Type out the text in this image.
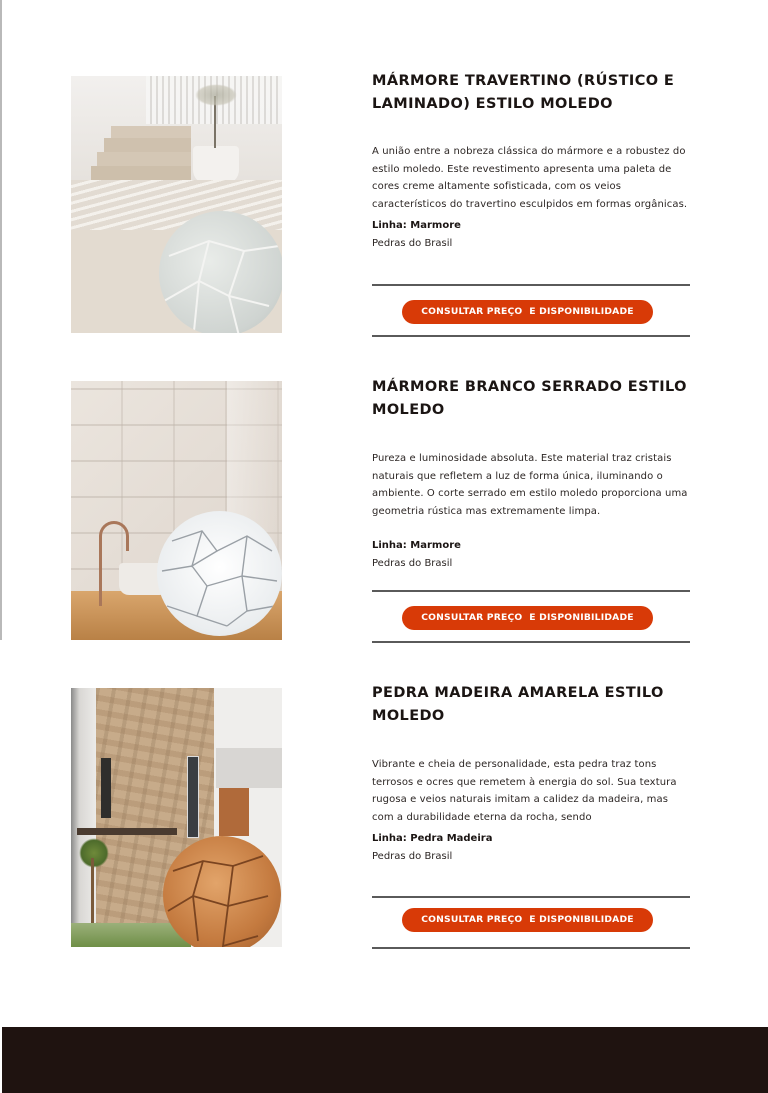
MÁRMORE TRAVERTINO (RÚSTICO E LAMINADO) ESTILO MOLEDO

A união entre a nobreza clássica do mármore e a robustez do estilo moledo. Este revestimento apresenta uma paleta de cores creme altamente sofisticada, com os veios característicos do travertino esculpidos em formas orgânicas.

Linha: Marmore

Pedras do Brasil

CONSULTAR PREÇO  E DISPONIBILIDADE
MÁRMORE BRANCO SERRADO ESTILO MOLEDO

Pureza e luminosidade absoluta. Este material traz cristais naturais que refletem a luz de forma única, iluminando o ambiente. O corte serrado em estilo moledo proporciona uma geometria rústica mas extremamente limpa.

Linha: Marmore

Pedras do Brasil

CONSULTAR PREÇO  E DISPONIBILIDADE
PEDRA MADEIRA AMARELA ESTILO MOLEDO

Vibrante e cheia de personalidade, esta pedra traz tons terrosos e ocres que remetem à energia do sol. Sua textura rugosa e veios naturais imitam a calidez da madeira, mas com a durabilidade eterna da rocha, sendo

Linha: Pedra Madeira

Pedras do Brasil

CONSULTAR PREÇO  E DISPONIBILIDADE
